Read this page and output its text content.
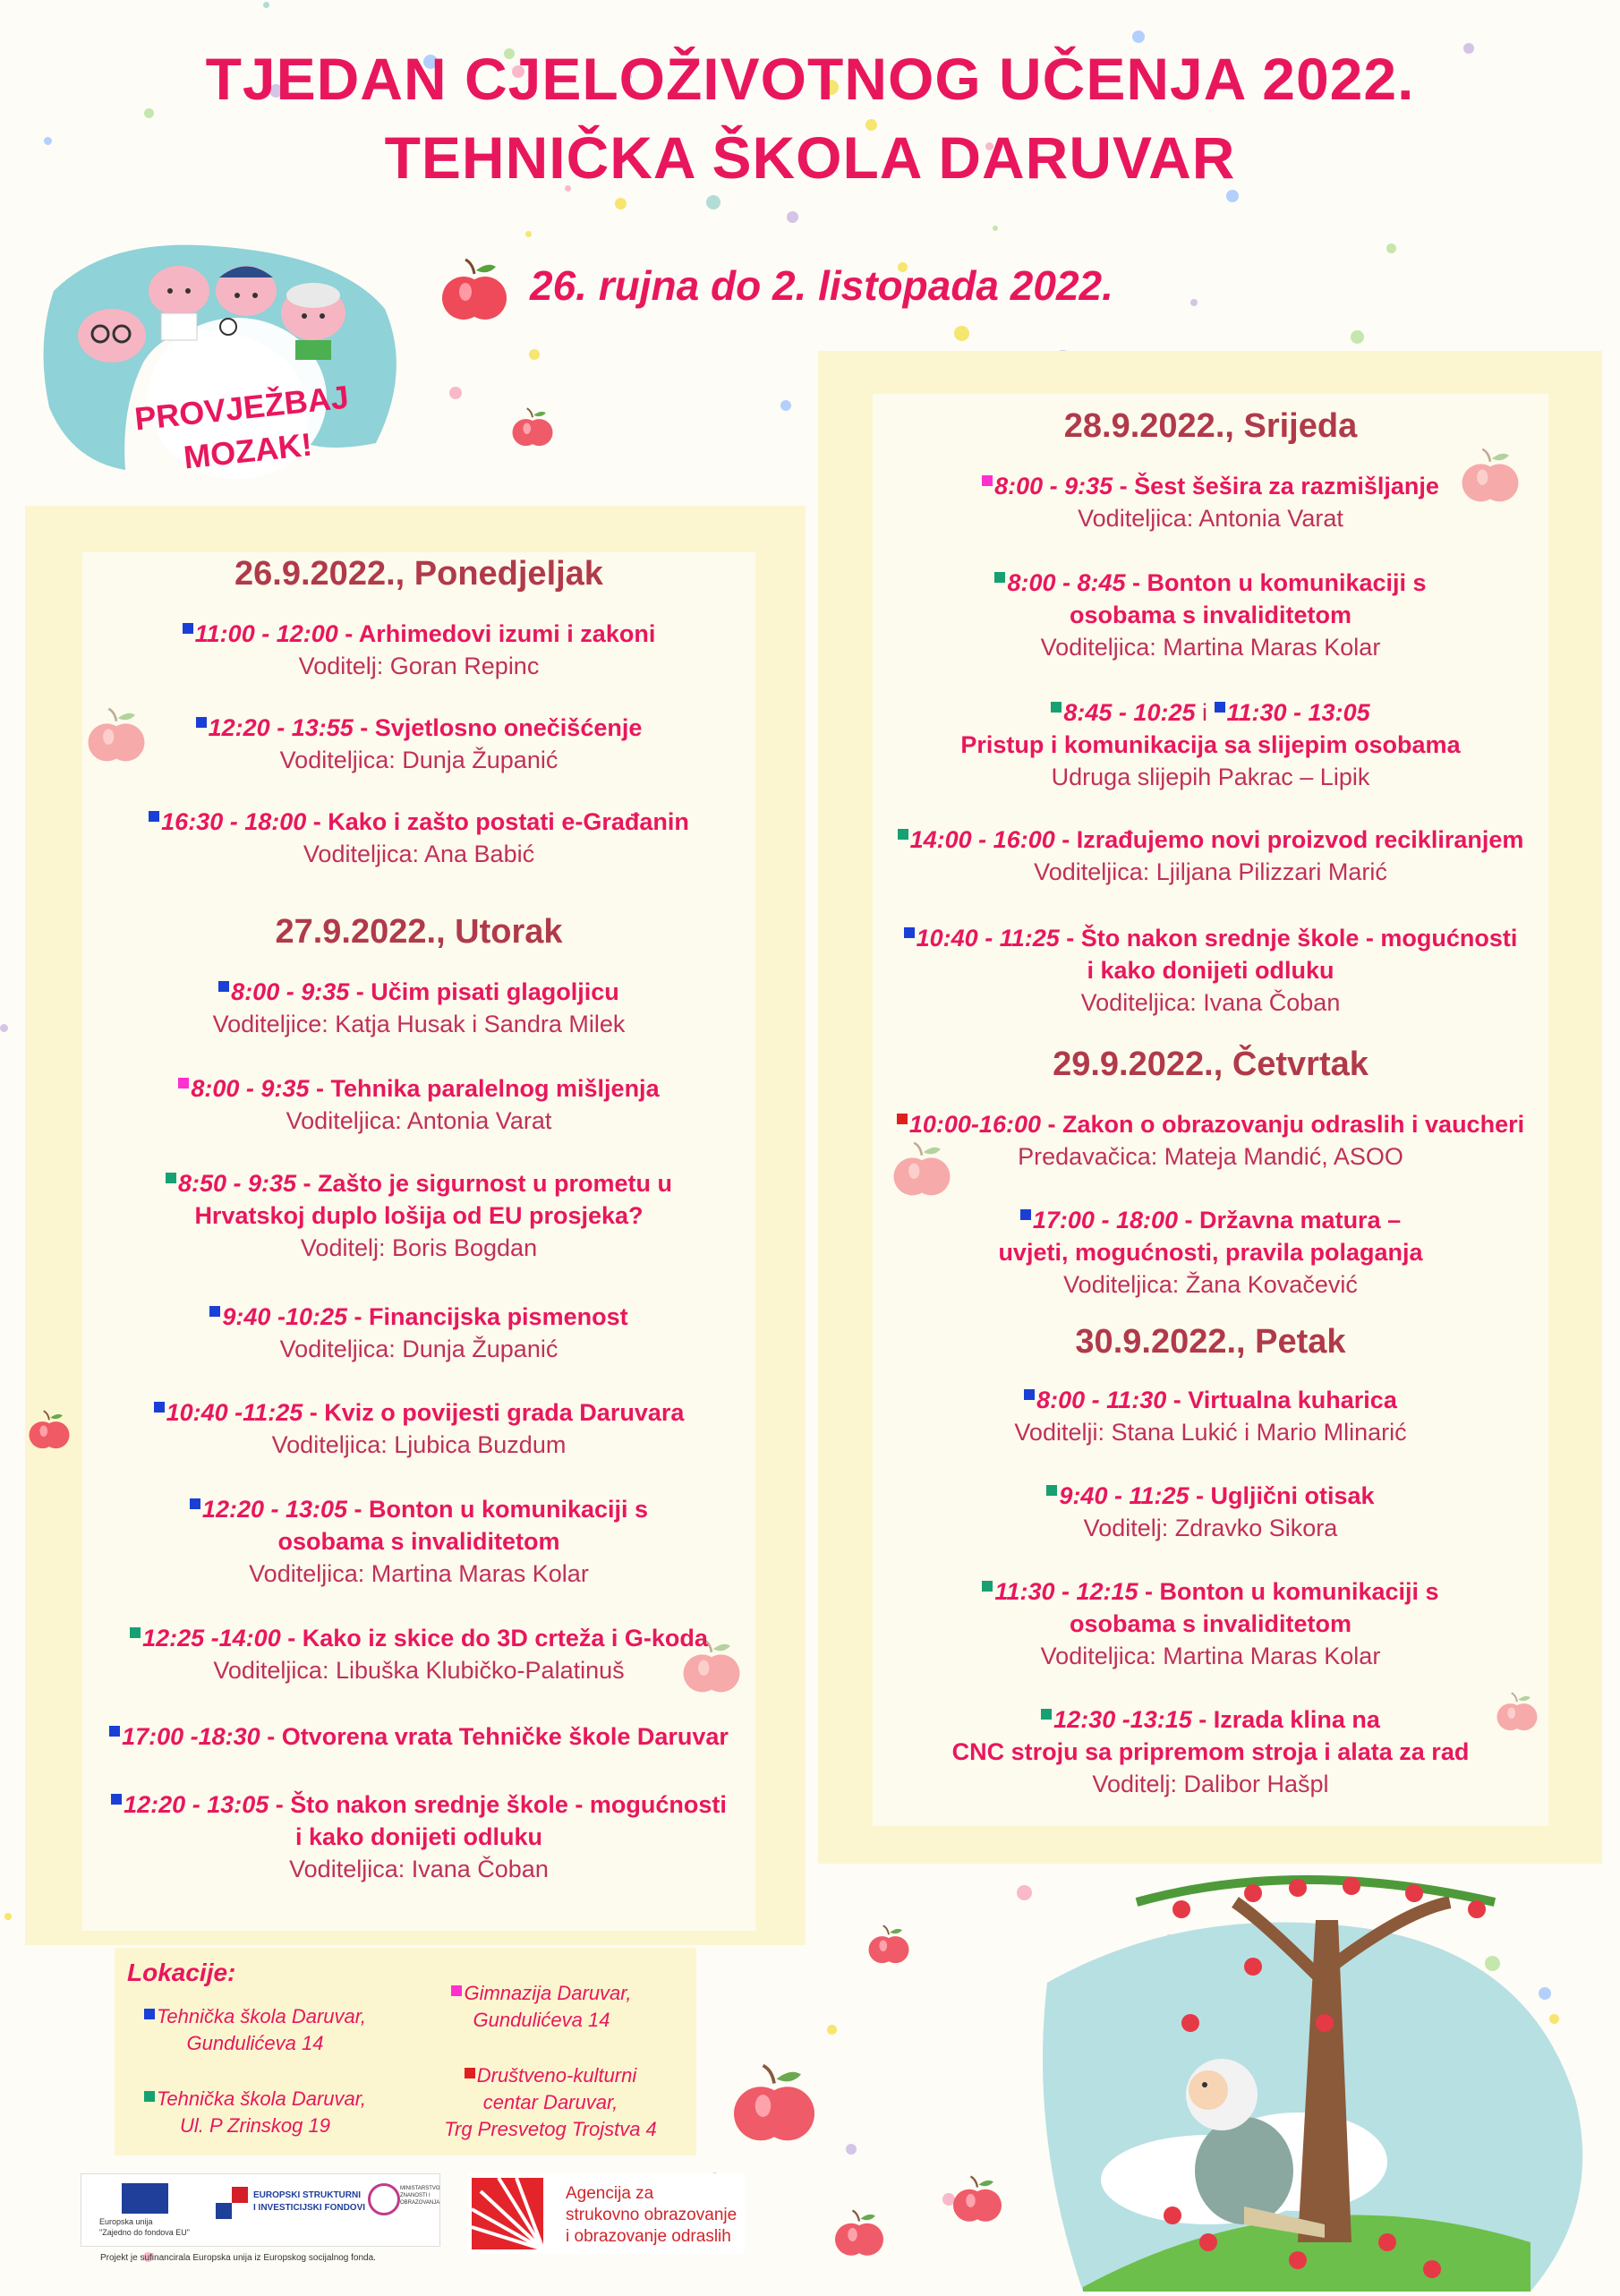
TJEDAN CJELOŽIVOTNOG UČENJA 2022.
TEHNIČKA ŠKOLA DARUVAR
PROVJEŽBAJ
MOZAK!
26. rujna do 2. listopada 2022.
26.9.2022., Ponedjeljak
11:00 - 12:00 - Arhimedovi izumi i zakoni
Voditelj: Goran Repinc
12:20 - 13:55 - Svjetlosno onečišćenje
Voditeljica: Dunja Županić
16:30 - 18:00 - Kako i zašto postati e-Građanin
Voditeljica: Ana Babić
27.9.2022., Utorak
8:00 - 9:35 - Učim pisati glagoljicu
Voditeljice: Katja Husak i Sandra Milek
8:00 - 9:35 - Tehnika paralelnog mišljenja
Voditeljica: Antonia Varat
8:50 - 9:35 - Zašto je sigurnost u prometu u
Hrvatskoj duplo lošija od EU prosjeka?
Voditelj: Boris Bogdan
9:40 -10:25 - Financijska pismenost
Voditeljica: Dunja Županić
10:40 -11:25 - Kviz o povijesti grada Daruvara
Voditeljica: Ljubica Buzdum
12:20 - 13:05 - Bonton u komunikaciji s
osobama s invaliditetom
Voditeljica: Martina Maras Kolar
12:25 -14:00 - Kako iz skice do 3D crteža i G-koda
Voditeljica: Libuška Klubičko-Palatinuš
17:00 -18:30 - Otvorena vrata Tehničke škole Daruvar
12:20 - 13:05 - Što nakon srednje škole - mogućnosti
i kako donijeti odluku
Voditeljica: Ivana Čoban
28.9.2022., Srijeda
8:00 - 9:35 - Šest šešira za razmišljanje
Voditeljica: Antonia Varat
8:00 - 8:45 - Bonton u komunikaciji s
osobama s invaliditetom
Voditeljica: Martina Maras Kolar
8:45 - 10:25 i 11:30 - 13:05
Pristup i komunikacija sa slijepim osobama
Udruga slijepih Pakrac – Lipik
14:00 - 16:00 - Izrađujemo novi proizvod recikliranjem
Voditeljica: Ljiljana Pilizzari Marić
10:40 - 11:25 - Što nakon srednje škole - mogućnosti
i kako donijeti odluku
Voditeljica: Ivana Čoban
29.9.2022., Četvrtak
10:00-16:00 - Zakon o obrazovanju odraslih i vaucheri
Predavačica: Mateja Mandić, ASOO
17:00 - 18:00 - Državna matura –
uvjeti, mogućnosti, pravila polaganja
Voditeljica: Žana Kovačević
30.9.2022., Petak
8:00 - 11:30 - Virtualna kuharica
Voditelji: Stana Lukić i Mario Mlinarić
9:40 - 11:25 - Ugljični otisak
Voditelj: Zdravko Sikora
11:30 - 12:15 - Bonton u komunikaciji s
osobama s invaliditetom
Voditeljica: Martina Maras Kolar
12:30 -13:15 - Izrada klina na
CNC stroju sa pripremom stroja i alata za rad
Voditelj: Dalibor Hašpl
Lokacije:
Tehnička škola Daruvar,
Gundulićeva 14
Tehnička škola Daruvar,
Ul. P Zrinskog 19
Gimnazija Daruvar,
Gundulićeva 14
Društveno-kulturni
centar Daruvar,
Trg Presvetog Trojstva 4
Europska unija
"Zajedno do fondova EU"
EUROPSKI STRUKTURNI
I INVESTICIJSKI FONDOVI
MINISTARSTVO ZNANOSTI I OBRAZOVANJA
Projekt je sufinancirala Europska unija iz Europskog socijalnog fonda.
Agencija za
strukovno obrazovanje
i obrazovanje odraslih
